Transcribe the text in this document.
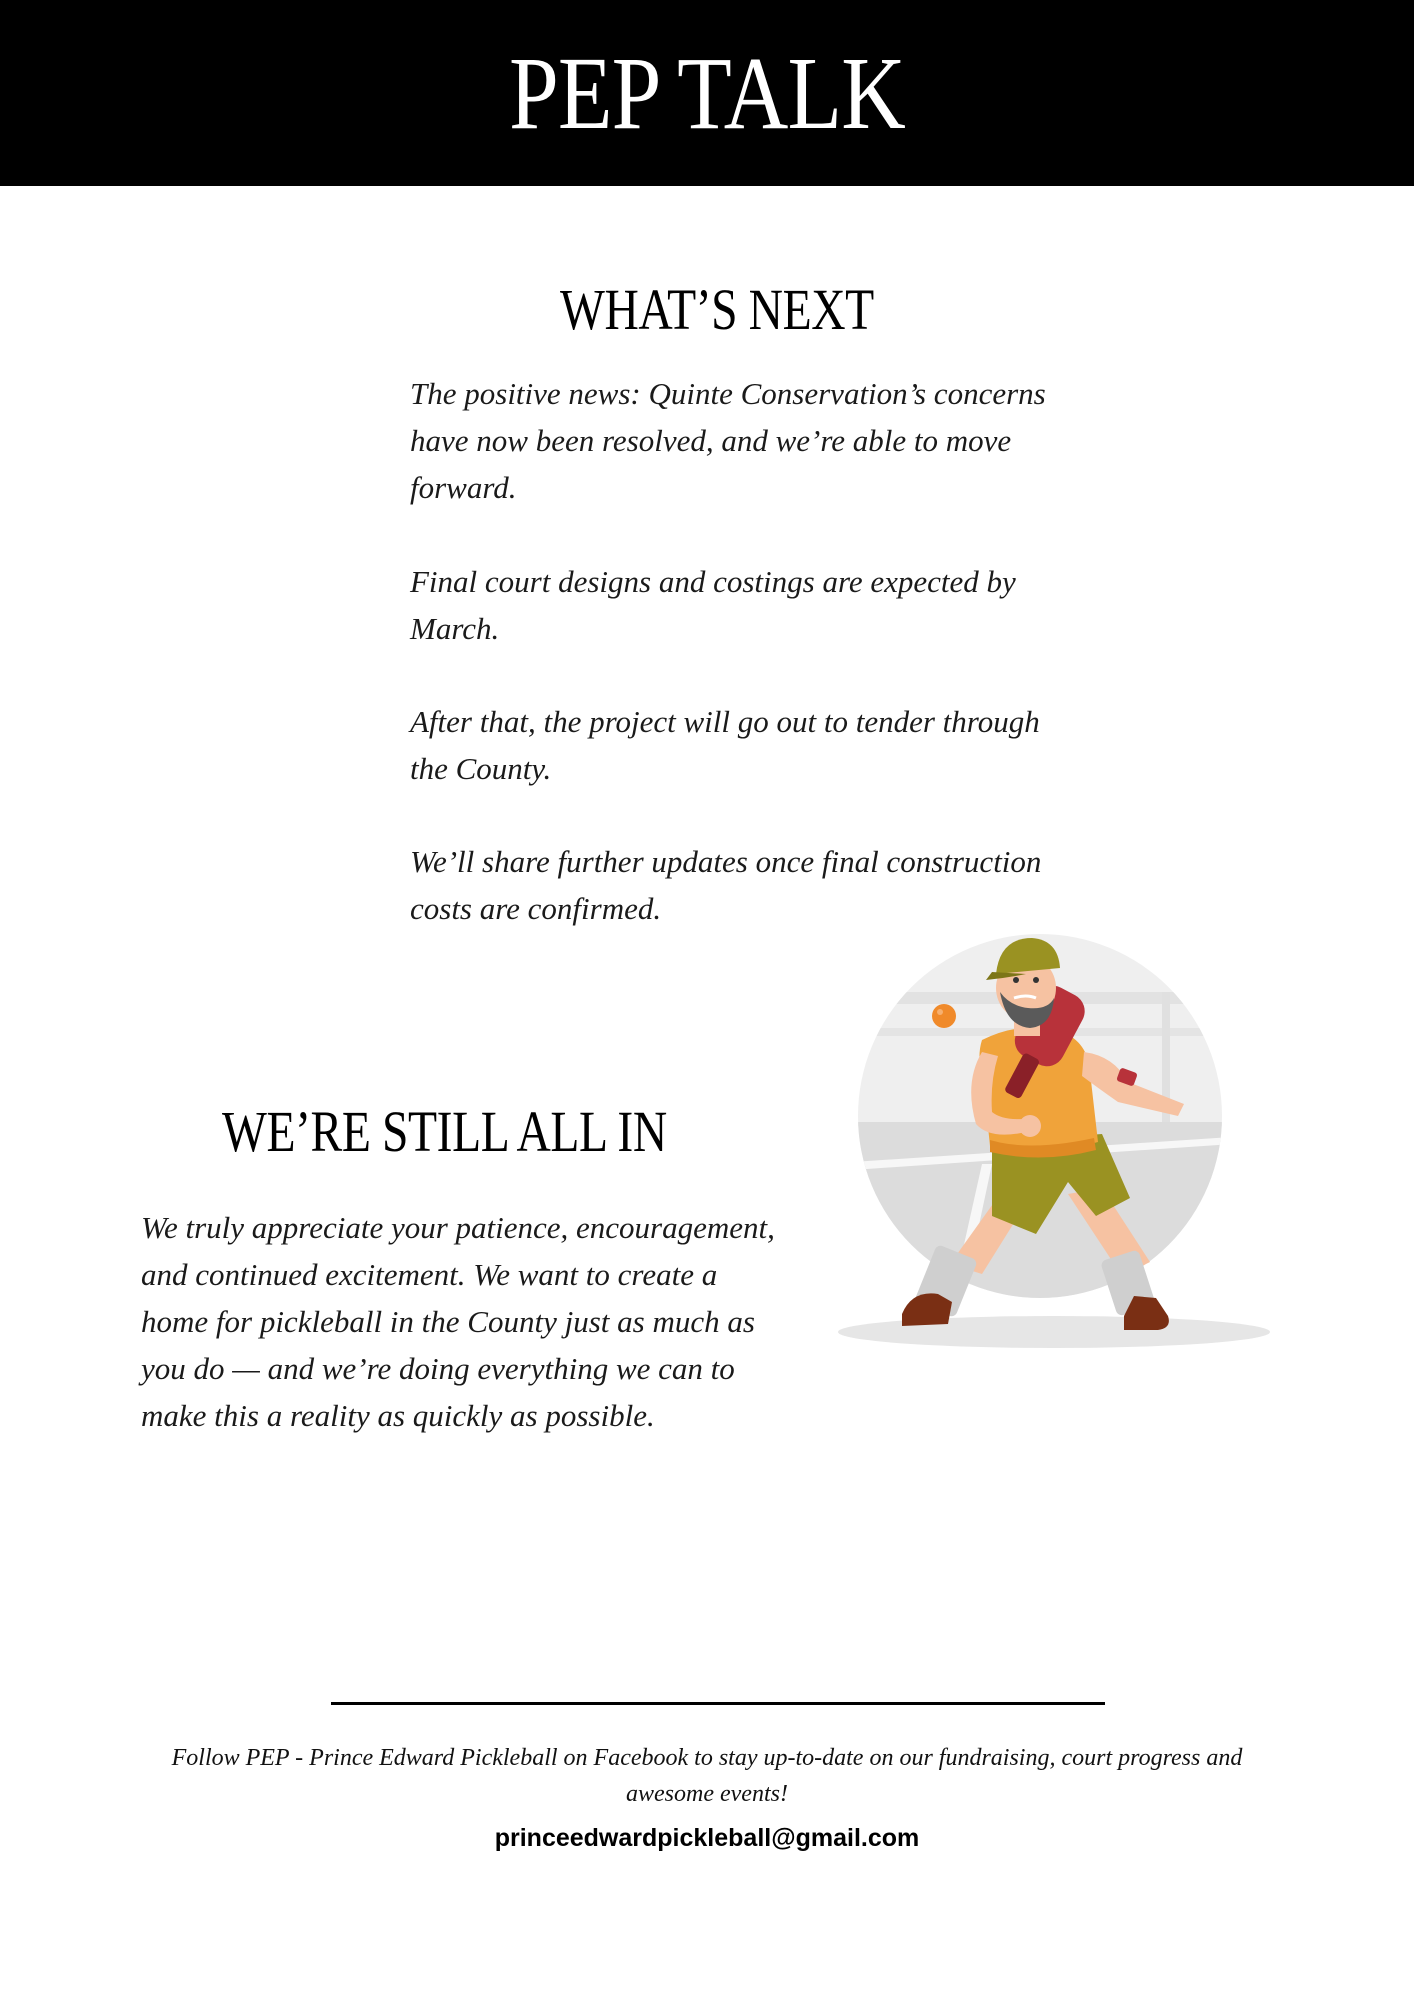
PEP TALK
WHAT’S NEXT

The positive news: Quinte Conservation’s concerns have now been resolved, and we’re able to move forward.

Final court designs and costings are expected by March.

After that, the project will go out to tender through the County.

We’ll share further updates once final construction costs are confirmed.

WE’RE STILL ALL IN

We truly appreciate your patience, encouragement, and continued excitement. We want to create a home for pickleball in the County just as much as you do — and we’re doing everything we can to make this a reality as quickly as possible.

Follow PEP - Prince Edward Pickleball on Facebook to stay up-to-date on our fundraising, court progress and awesome events!

princeedwardpickleball@gmail.com
